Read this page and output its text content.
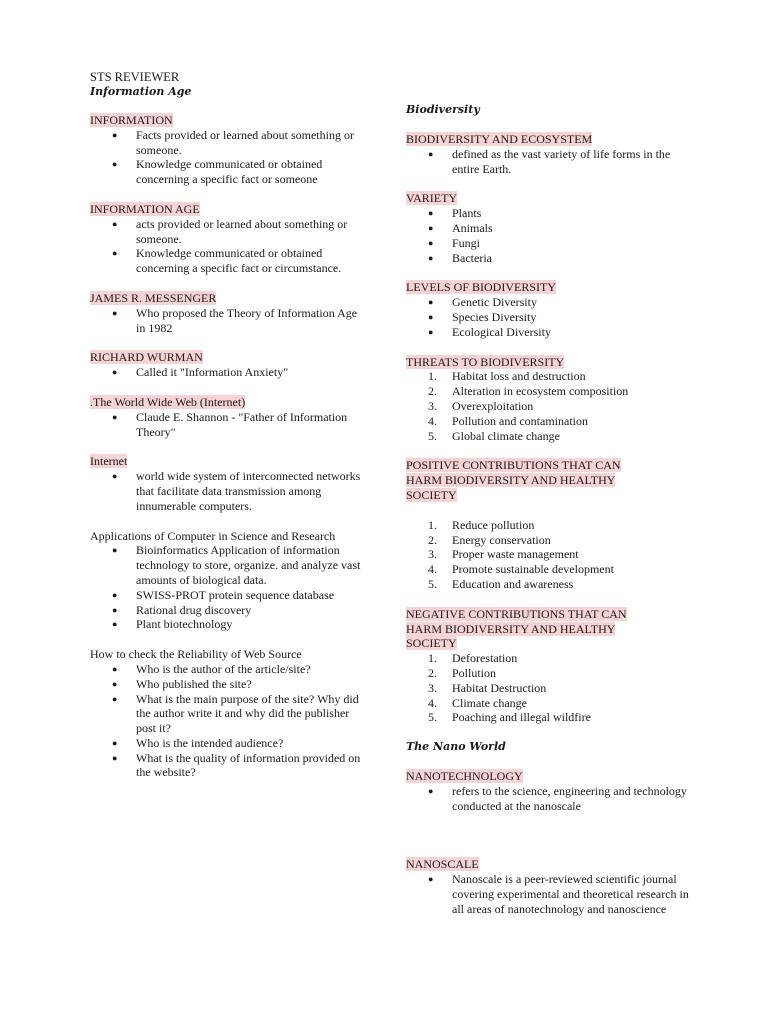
STS REVIEWER
Information Age
INFORMATION
●	Facts provided or learned about something or someone.
●	Knowledge communicated or obtained concerning a specific fact or someone
INFORMATION AGE
●	acts provided or learned about something or someone.
●	Knowledge communicated or obtained concerning a specific fact or circumstance.
JAMES R. MESSENGER
●	Who proposed the Theory of Information Age in 1982
RICHARD WURMAN
●	Called it "Information Anxiety"
.The World Wide Web (Internet)
●	Claude E. Shannon - "Father of Information Theory"
Internet
●	world wide system of interconnected networks that facilitate data transmission among innumerable computers.
Applications of Computer in Science and Research
●	Bioinformatics Application of information technology to store, organize. and analyze vast amounts of biological data.
●	SWISS-PROT protein sequence database
●	Rational drug discovery
●	Plant biotechnology
How to check the Reliability of Web Source
●	Who is the author of the article/site?
●	Who published the site?
●	What is the main purpose of the site? Why did the author write it and why did the publisher post it?
●	Who is the intended audience?
●	What is the quality of information provided on the website?
Biodiversity
BIODIVERSITY AND ECOSYSTEM
●	defined as the vast variety of life forms in the entire Earth.
VARIETY
●	Plants
●	Animals
●	Fungi
●	Bacteria
LEVELS OF BIODIVERSITY
●	Genetic Diversity
●	Species Diversity
●	Ecological Diversity
THREATS TO BIODIVERSITY
1.	Habitat loss and destruction
2.	Alteration in ecosystem composition
3.	Overexploitation
4.	Pollution and contamination
5.	Global climate change
POSITIVE CONTRIBUTIONS THAT CAN
HARM BIODIVERSITY AND HEALTHY
SOCIETY
1.	Reduce pollution
2.	Energy conservation
3.	Proper waste management
4.	Promote sustainable development
5.	Education and awareness
NEGATIVE CONTRIBUTIONS THAT CAN
HARM BIODIVERSITY AND HEALTHY
SOCIETY
1.	Deforestation
2.	Pollution
3.	Habitat Destruction
4.	Climate change
5.	Poaching and illegal wildfire
The Nano World
NANOTECHNOLOGY
●	refers to the science, engineering and technology conducted at the nanoscale
NANOSCALE
●	Nanoscale is a peer-reviewed scientific journal covering experimental and theoretical research in all areas of nanotechnology and nanoscience
